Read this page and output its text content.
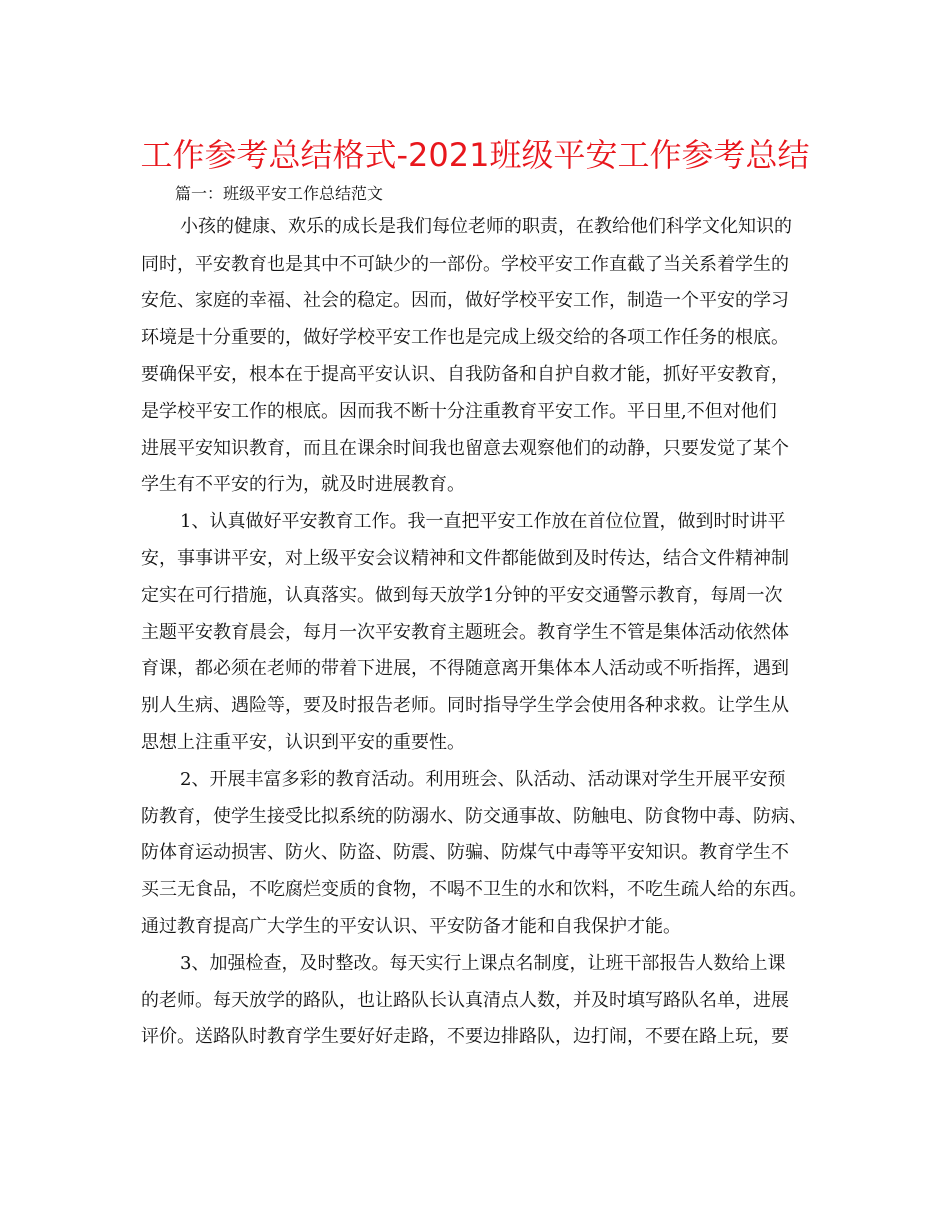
工作参考总结格式-2021班级平安工作参考总结
篇一：班级平安工作总结范文
小孩的健康、欢乐的成长是我们每位老师的职责，在教给他们科学文化知识的
同时，平安教育也是其中不可缺少的一部份。学校平安工作直截了当关系着学生的
安危、家庭的幸福、社会的稳定。因而，做好学校平安工作，制造一个平安的学习
环境是十分重要的，做好学校平安工作也是完成上级交给的各项工作任务的根底。
要确保平安，根本在于提高平安认识、自我防备和自护自救才能，抓好平安教育，
是学校平安工作的根底。因而我不断十分注重教育平安工作。平日里,不但对他们
进展平安知识教育，而且在课余时间我也留意去观察他们的动静，只要发觉了某个
学生有不平安的行为，就及时进展教育。
1、认真做好平安教育工作。我一直把平安工作放在首位位置，做到时时讲平
安，事事讲平安，对上级平安会议精神和文件都能做到及时传达，结合文件精神制
定实在可行措施，认真落实。做到每天放学1分钟的平安交通警示教育，每周一次
主题平安教育晨会，每月一次平安教育主题班会。教育学生不管是集体活动依然体
育课，都必须在老师的带着下进展，不得随意离开集体本人活动或不听指挥，遇到
别人生病、遇险等，要及时报告老师。同时指导学生学会使用各种求救。让学生从
思想上注重平安，认识到平安的重要性。
2、开展丰富多彩的教育活动。利用班会、队活动、活动课对学生开展平安预
防教育，使学生接受比拟系统的防溺水、防交通事故、防触电、防食物中毒、防病、
防体育运动损害、防火、防盗、防震、防骗、防煤气中毒等平安知识。教育学生不
买三无食品，不吃腐烂变质的食物，不喝不卫生的水和饮料，不吃生疏人给的东西。
通过教育提高广大学生的平安认识、平安防备才能和自我保护才能。
3、加强检查，及时整改。每天实行上课点名制度，让班干部报告人数给上课
的老师。每天放学的路队，也让路队长认真清点人数，并及时填写路队名单，进展
评价。送路队时教育学生要好好走路，不要边排路队，边打闹，不要在路上玩，要
